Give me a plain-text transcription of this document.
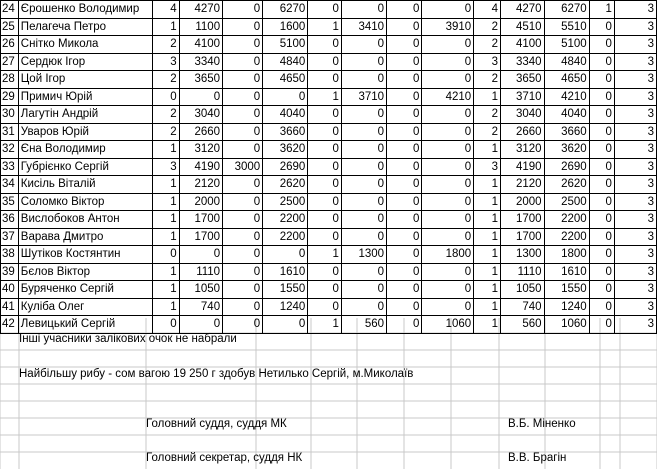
24	Єрошенко Володимир	4	4270	0	6270	0	0	0	0	4	4270	6270	1	3
25	Пелагеча Петро	1	1100	0	1600	1	3410	0	3910	2	4510	5510	0	3
26	Снітко Микола	2	4100	0	5100	0	0	0	0	2	4100	5100	0	3
27	Сердюк Ігор	3	3340	0	4840	0	0	0	0	3	3340	4840	0	3
28	Цой Ігор	2	3650	0	4650	0	0	0	0	2	3650	4650	0	3
29	Примич Юрій	0	0	0	0	1	3710	0	4210	1	3710	4210	0	3
30	Лагутін Андрій	2	3040	0	4040	0	0	0	0	2	3040	4040	0	3
31	Уваров Юрій	2	2660	0	3660	0	0	0	0	2	2660	3660	0	3
32	Єна Володимир	1	3120	0	3620	0	0	0	0	1	3120	3620	0	3
33	Губрієнко Сергій	3	4190	3000	2690	0	0	0	0	3	4190	2690	0	3
34	Кисіль Віталій	1	2120	0	2620	0	0	0	0	1	2120	2620	0	3
35	Соломко Віктор	1	2000	0	2500	0	0	0	0	1	2000	2500	0	3
36	Вислобоков Антон	1	1700	0	2200	0	0	0	0	1	1700	2200	0	3
37	Варава Дмитро	1	1700	0	2200	0	0	0	0	1	1700	2200	0	3
38	Шутіков Костянтин	0	0	0	0	1	1300	0	1800	1	1300	1800	0	3
39	Бєлов Віктор	1	1110	0	1610	0	0	0	0	1	1110	1610	0	3
40	Буряченко Сергій	1	1050	0	1550	0	0	0	0	1	1050	1550	0	3
41	Куліба Олег	1	740	0	1240	0	0	0	0	1	740	1240	0	3
42	Левицький Сергій	0	0	0	0	1	560	0	1060	1	560	1060	0	3
Інші учасники залікових очок не набрали
Найбільшу рибу - сом вагою 19 250 г здобув Нетилько Сергій, м.Миколаїв
Головний суддя, суддя МК	В.Б. Міненко
Головний секретар, суддя НК	В.В. Брагін
